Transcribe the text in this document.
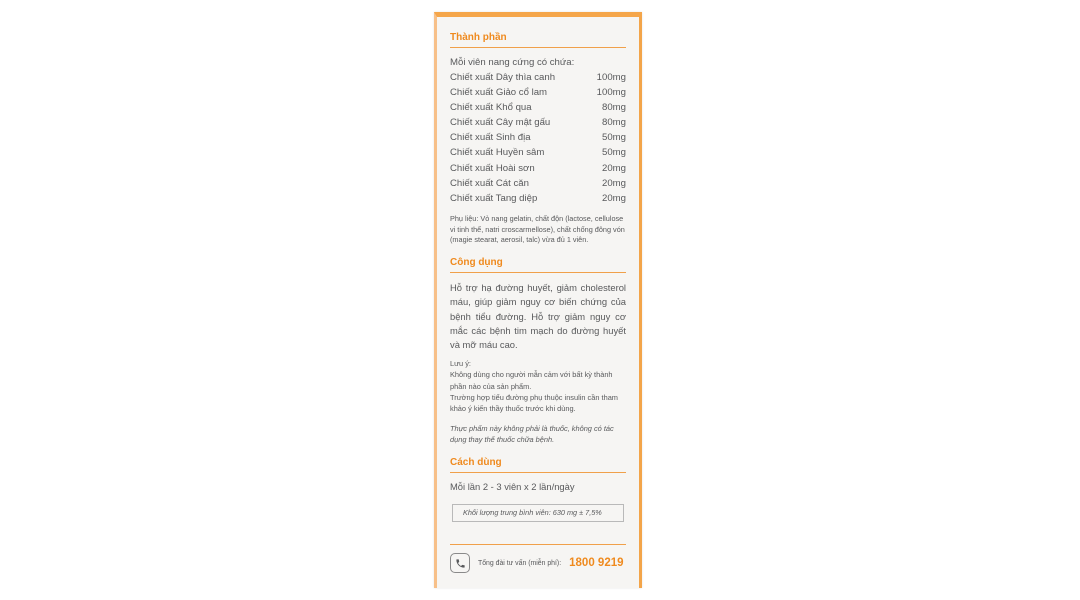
Thành phần

Mỗi viên nang cứng có chứa:

Chiết xuất Dây thìa canh	100mg
Chiết xuất Giảo cổ lam	100mg
Chiết xuất Khổ qua	80mg
Chiết xuất Cây mật gấu	80mg
Chiết xuất Sinh địa	50mg
Chiết xuất Huyền sâm	50mg
Chiết xuất Hoài sơn	20mg
Chiết xuất Cát căn	20mg
Chiết xuất Tang diệp	20mg

Phụ liệu: Vỏ nang gelatin, chất độn (lactose, cellulose vi tinh thể, natri croscarmellose), chất chống đông vón (magie stearat, aerosil, talc) vừa đủ 1 viên.

Công dụng

Hỗ trợ hạ đường huyết, giảm cholesterol máu, giúp giảm nguy cơ biến chứng của bệnh tiểu đường. Hỗ trợ giảm nguy cơ mắc các bệnh tim mạch do đường huyết và mỡ máu cao.

Lưu ý:

Không dùng cho người mẫn cảm với bất kỳ thành phần nào của sản phẩm.

Trường hợp tiểu đường phụ thuộc insulin cần tham khảo ý kiến thầy thuốc trước khi dùng.

Thực phẩm này không phải là thuốc, không có tác dụng thay thế thuốc chữa bệnh.

Cách dùng

Mỗi lần 2 - 3 viên x 2 lần/ngày

Khối lượng trung bình viên: 630 mg ± 7,5%
Tổng đài tư vấn (miễn phí): 1800 9219
